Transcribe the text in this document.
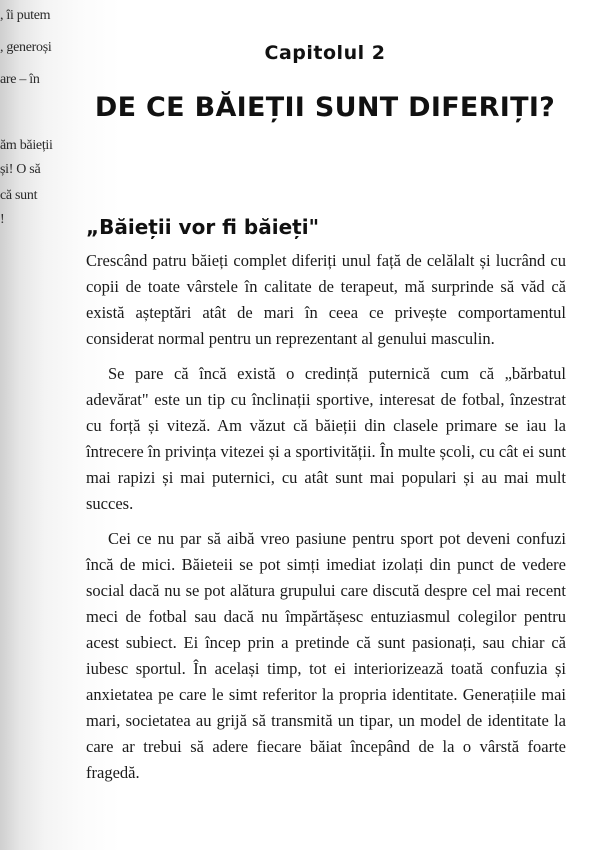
, îi putem
, generoși
are – în
ăm băieții
și! O să
că sunt
!
Capitolul 2
DE CE BĂIEȚII SUNT DIFERIȚI?
„Băieții vor fi băieți"

Crescând patru băieți complet diferiți unul față de celălalt și lucrând cu copii de toate vârstele în calitate de terapeut, mă surprinde să văd că există așteptări atât de mari în ceea ce privește comportamentul considerat normal pentru un reprezentant al genului masculin.

Se pare că încă există o credință puternică cum că „bărbatul adevărat" este un tip cu înclinații sportive, interesat de fotbal, înzestrat cu forță și viteză. Am văzut că băieții din clasele primare se iau la întrecere în privința vitezei și a sportivității. În multe școli, cu cât ei sunt mai rapizi și mai puternici, cu atât sunt mai populari și au mai mult succes.

Cei ce nu par să aibă vreo pasiune pentru sport pot deveni confuzi încă de mici. Băieteii se pot simți imediat izolați din punct de vedere social dacă nu se pot alătura grupului care discută despre cel mai recent meci de fotbal sau dacă nu împărtășesc entuziasmul colegilor pentru acest subiect. Ei încep prin a pretinde că sunt pasionați, sau chiar că iubesc sportul. În același timp, tot ei interiorizează toată confuzia și anxietatea pe care le simt referitor la propria identitate. Generațiile mai mari, societatea au grijă să transmită un tipar, un model de identitate la care ar trebui să adere fiecare băiat începând de la o vârstă foarte fragedă.
